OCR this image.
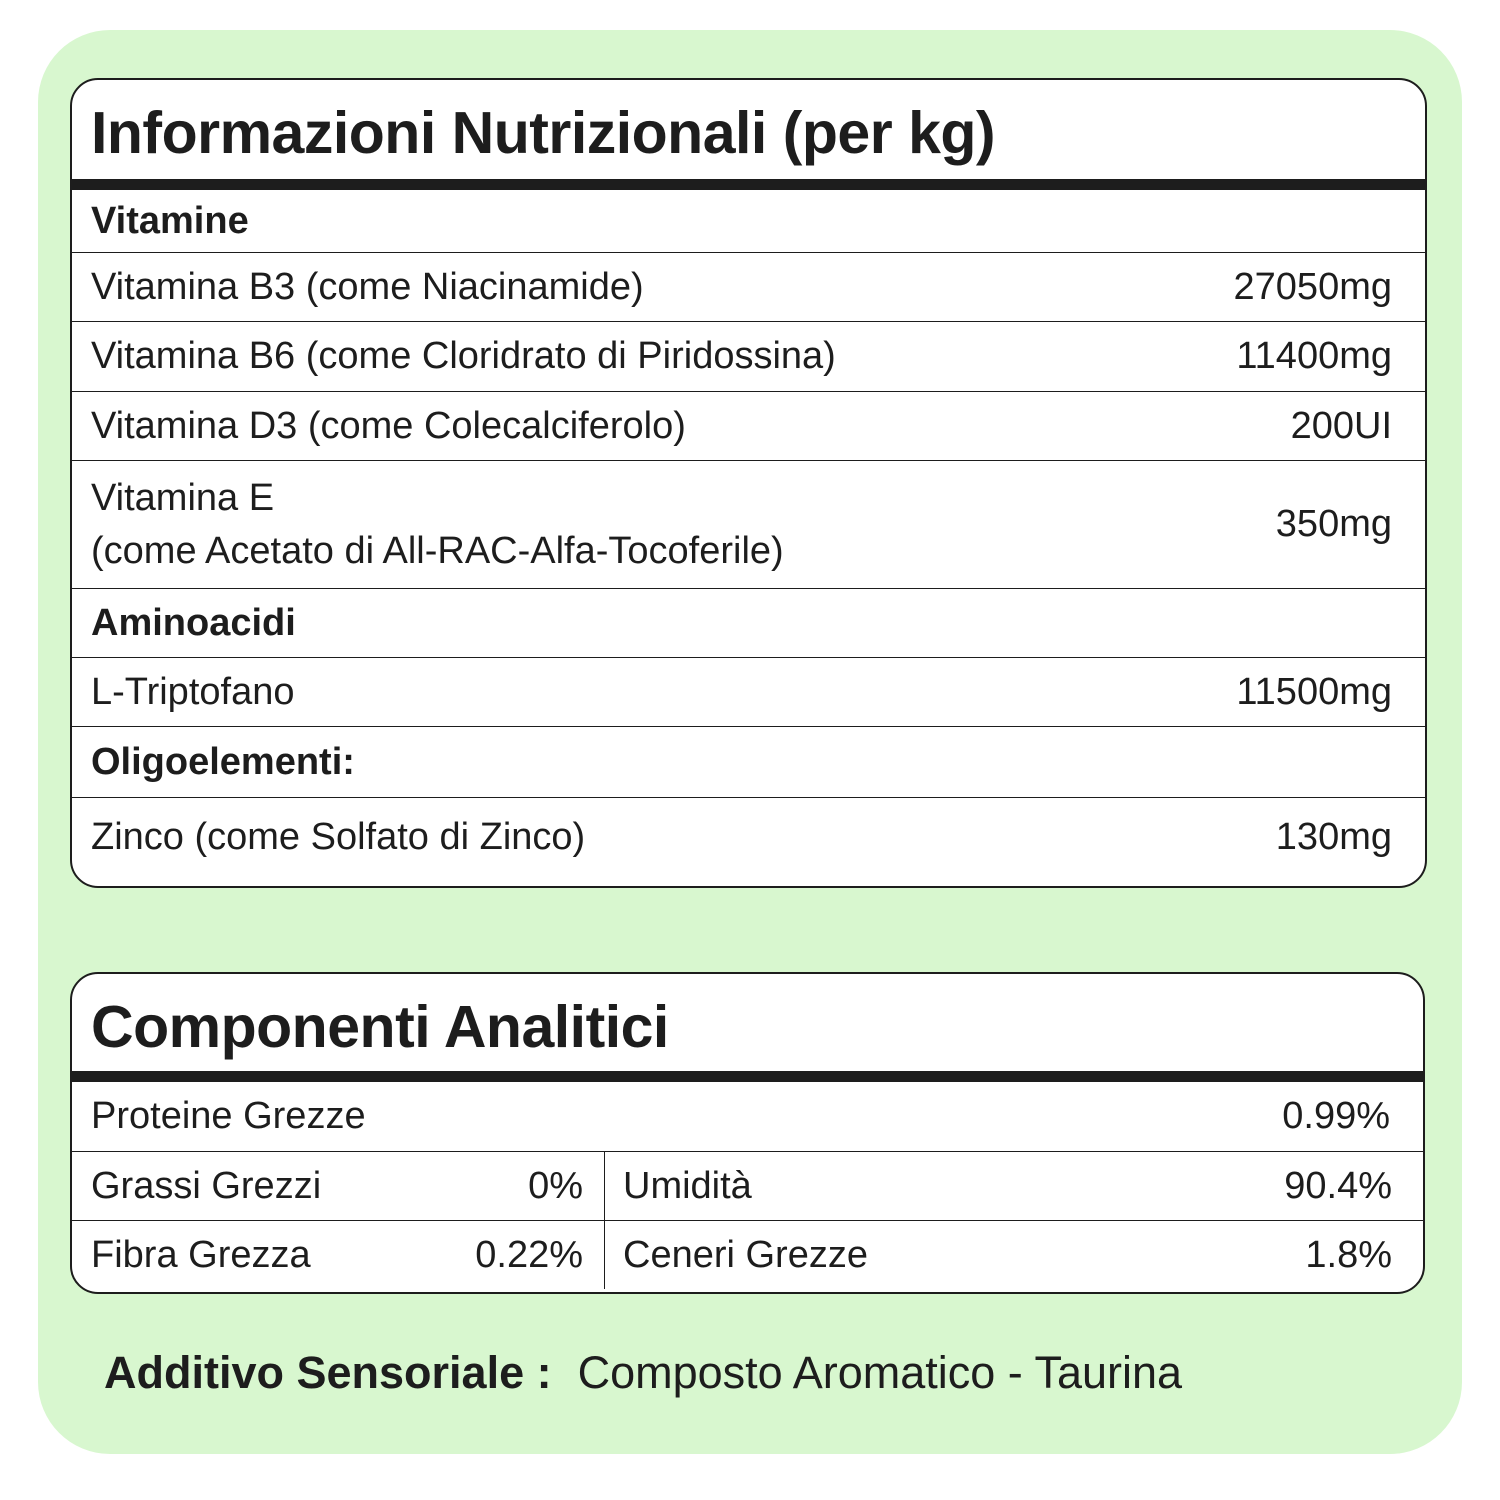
Informazioni Nutrizionali (per kg)
Vitamine
Vitamina B3 (come Niacinamide)	27050mg
Vitamina B6 (come Cloridrato di Piridossina)	11400mg
Vitamina D3 (come Colecalciferolo)	200UI
Vitamina E
(come Acetato di All-RAC-Alfa-Tocoferile)
350mg
Aminoacidi
L-Triptofano	11500mg
Oligoelementi:
Zinco (come Solfato di Zinco)	130mg
Componenti Analitici
Proteine Grezze	0.99%
Grassi Grezzi	0%	Umidità	90.4%
Fibra Grezza	0.22%	Ceneri Grezze	1.8%
Additivo Sensoriale : Composto Aromatico - Taurina
